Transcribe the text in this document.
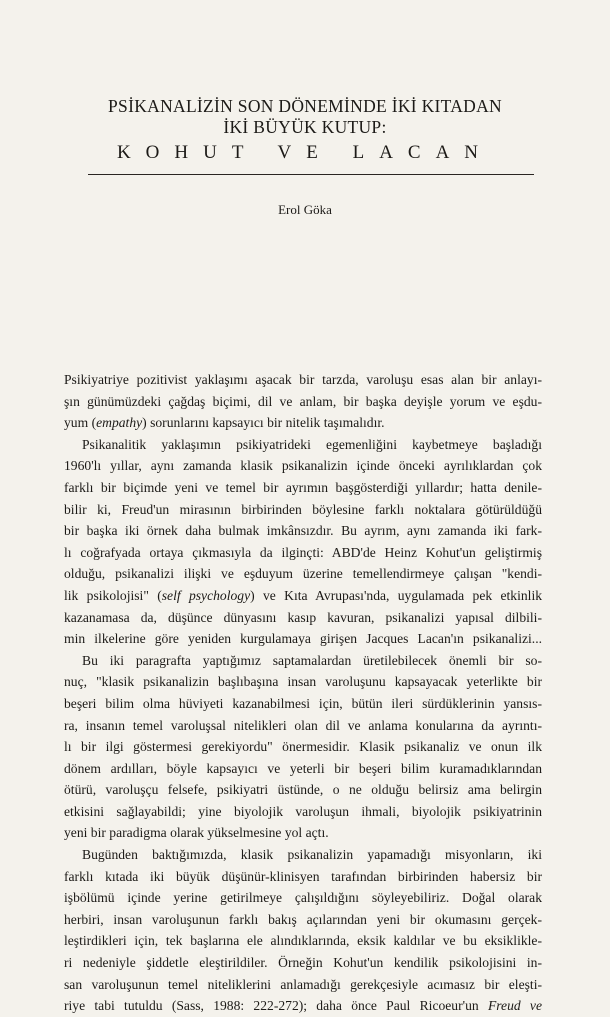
PSİKANALİZİN SON DÖNEMİNDE İKİ KITADAN
İKİ BÜYÜK KUTUP:
KOHUT VE LACAN
Erol Göka
Psikiyatriye pozitivist yaklaşımı aşacak bir tarzda, varoluşu esas alan bir anlayı-
şın günümüzdeki çağdaş biçimi, dil ve anlam, bir başka deyişle yorum ve eşdu-
yum (empathy) sorunlarını kapsayıcı bir nitelik taşımalıdır.
Psikanalitik yaklaşımın psikiyatrideki egemenliğini kaybetmeye başladığı
1960'lı yıllar, aynı zamanda klasik psikanalizin içinde önceki ayrılıklardan çok
farklı bir biçimde yeni ve temel bir ayrımın başgösterdiği yıllardır; hatta denile-
bilir ki, Freud'un mirasının birbirinden böylesine farklı noktalara götürüldüğü
bir başka iki örnek daha bulmak imkânsızdır. Bu ayrım, aynı zamanda iki fark-
lı coğrafyada ortaya çıkmasıyla da ilginçti: ABD'de Heinz Kohut'un geliştirmiş
olduğu, psikanalizi ilişki ve eşduyum üzerine temellendirmeye çalışan "kendi-
lik psikolojisi" (self psychology) ve Kıta Avrupası'nda, uygulamada pek etkinlik
kazanamasa da, düşünce dünyasını kasıp kavuran, psikanalizi yapısal dilbili-
min ilkelerine göre yeniden kurgulamaya girişen Jacques Lacan'ın psikanalizi...
Bu iki paragrafta yaptığımız saptamalardan üretilebilecek önemli bir so-
nuç, "klasik psikanalizin başlıbaşına insan varoluşunu kapsayacak yeterlikte bir
beşeri bilim olma hüviyeti kazanabilmesi için, bütün ileri sürdüklerinin yansıs-
ra, insanın temel varoluşsal nitelikleri olan dil ve anlama konularına da ayrıntı-
lı bir ilgi göstermesi gerekiyordu" önermesidir. Klasik psikanaliz ve onun ilk
dönem ardılları, böyle kapsayıcı ve yeterli bir beşeri bilim kuramadıklarından
ötürü, varoluşçu felsefe, psikiyatri üstünde, o ne olduğu belirsiz ama belirgin
etkisini sağlayabildi; yine biyolojik varoluşun ihmali, biyolojik psikiyatrinin
yeni bir paradigma olarak yükselmesine yol açtı.
Bugünden baktığımızda, klasik psikanalizin yapamadığı misyonların, iki
farklı kıtada iki büyük düşünür-klinisyen tarafından birbirinden habersiz bir
işbölümü içinde yerine getirilmeye çalışıldığını söyleyebiliriz. Doğal olarak
herbiri, insan varoluşunun farklı bakış açılarından yeni bir okumasını gerçek-
leştirdikleri için, tek başlarına ele alındıklarında, eksik kaldılar ve bu eksiklikle-
ri nedeniyle şiddetle eleştirildiler. Örneğin Kohut'un kendilik psikolojisini in-
san varoluşunun temel niteliklerini anlamadığı gerekçesiyle acımasız bir eleşti-
riye tabi tutuldu (Sass, 1988: 222-272); daha önce Paul Ricoeur'un Freud ve
